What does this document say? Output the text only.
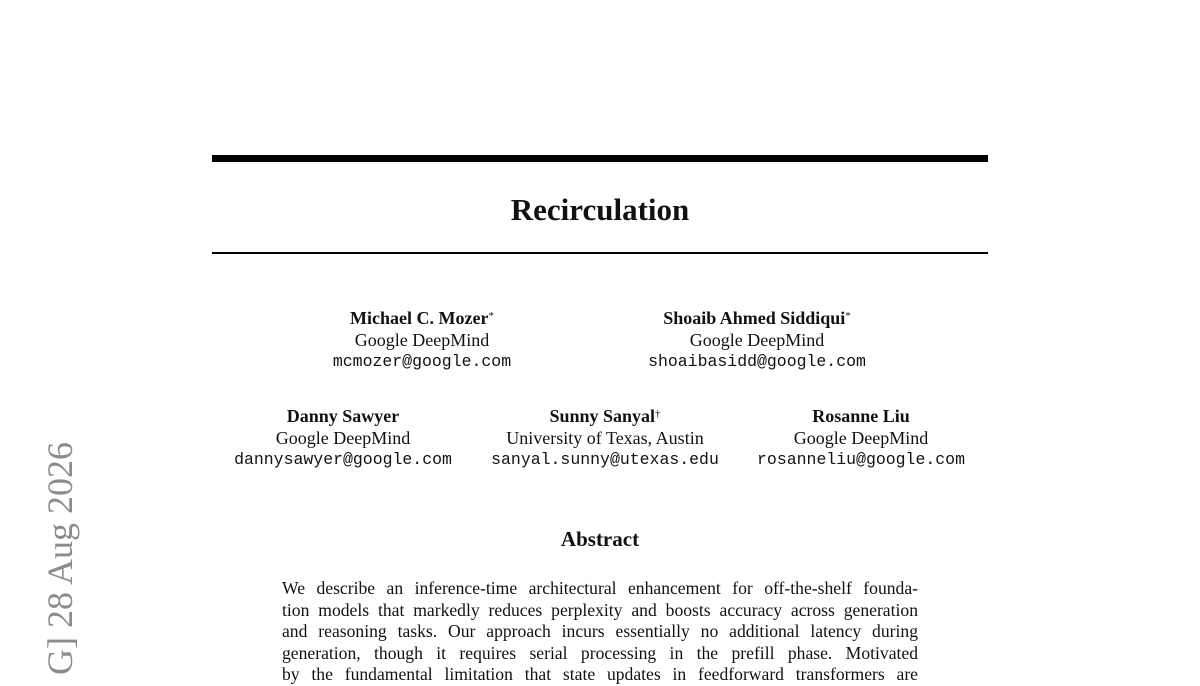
Recirculation
Michael C. Mozer*
Google DeepMind
mcmozer@google.com
Shoaib Ahmed Siddiqui*
Google DeepMind
shoaibasidd@google.com
Danny Sawyer
Google DeepMind
dannysawyer@google.com
Sunny Sanyal†
University of Texas, Austin
sanyal.sunny@utexas.edu
Rosanne Liu
Google DeepMind
rosanneliu@google.com
Abstract
We describe an inference-time architectural enhancement for off-the-shelf founda-
tion models that markedly reduces perplexity and boosts accuracy across generation
and reasoning tasks. Our approach incurs essentially no additional latency during
generation, though it requires serial processing in the prefill phase. Motivated
by the fundamental limitation that state updates in feedforward transformers are
G] 28 Aug 2026
